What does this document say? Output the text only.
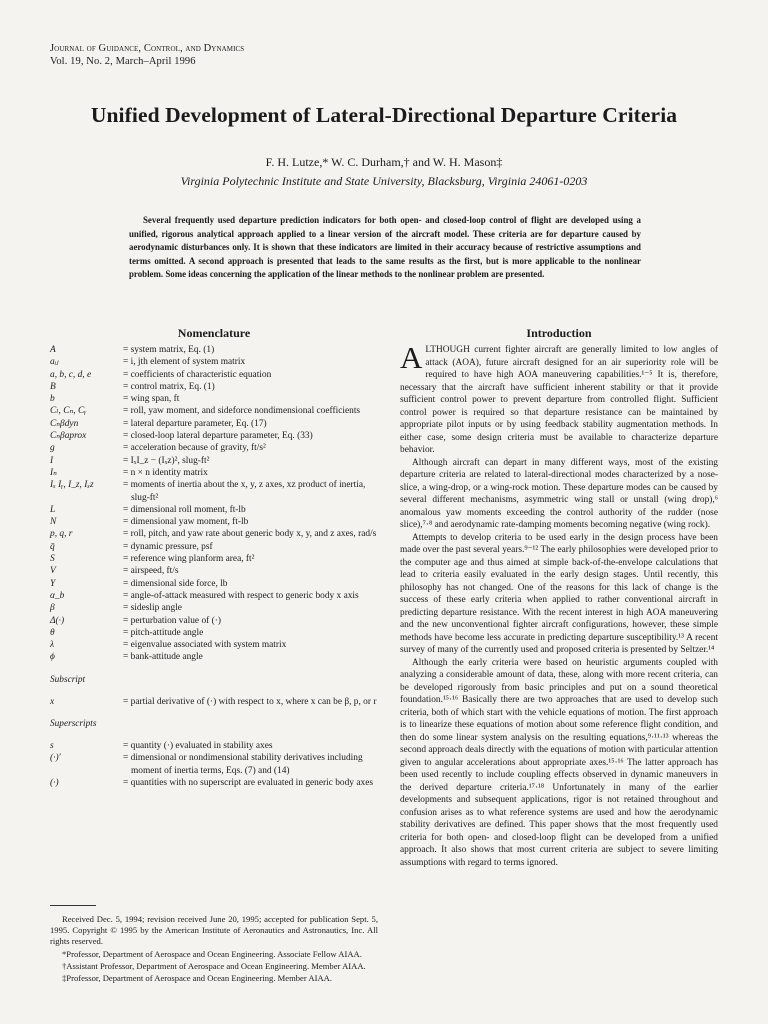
Journal of Guidance, Control, and Dynamics
Vol. 19, No. 2, March–April 1996
Unified Development of Lateral-Directional Departure Criteria
F. H. Lutze,* W. C. Durham,† and W. H. Mason‡
Virginia Polytechnic Institute and State University, Blacksburg, Virginia 24061-0203
Several frequently used departure prediction indicators for both open- and closed-loop control of flight are developed using a unified, rigorous analytical approach applied to a linear version of the aircraft model. These criteria are for departure caused by aerodynamic disturbances only. It is shown that these indicators are limited in their accuracy because of restrictive assumptions and terms omitted. A second approach is presented that leads to the same results as the first, but is more applicable to the nonlinear problem. Some ideas concerning the application of the linear methods to the nonlinear problem are presented.
Nomenclature	Introduction
A	= system matrix, Eq. (1)
aᵢⱼ	= i, jth element of system matrix
a, b, c, d, e	= coefficients of characteristic equation
B	= control matrix, Eq. (1)
b	= wing span, ft
Cₗ, Cₙ, Cᵧ	= roll, yaw moment, and sideforce nondimensional coefficients
Cₙβdyn	= lateral departure parameter, Eq. (17)
Cₙβaprox	= closed-loop lateral departure parameter, Eq. (33)
g	= acceleration because of gravity, ft/s²
I	= IₓI_z − (Iₓz)², slug-ft²
Iₙ	= n × n identity matrix
Iₓ Iᵧ, I_z, Iₓz	= moments of inertia about the x, y, z axes, xz product of inertia, slug-ft²
L	= dimensional roll moment, ft-lb
N	= dimensional yaw moment, ft-lb
p, q, r	= roll, pitch, and yaw rate about generic body x, y, and z axes, rad/s
q̄	= dynamic pressure, psf
S	= reference wing planform area, ft²
V	= airspeed, ft/s
Y	= dimensional side force, lb
α_b	= angle-of-attack measured with respect to generic body x axis
β	= sideslip angle
Δ(·)	= perturbation value of (·)
θ	= pitch-attitude angle
λ	= eigenvalue associated with system matrix
ϕ	= bank-attitude angle
Subscript
x	= partial derivative of (·) with respect to x, where x can be β, p, or r
Superscripts
s	= quantity (·) evaluated in stability axes
(·)′	= dimensional or nondimensional stability derivatives including moment of inertia terms, Eqs. (7) and (14)
(·)	= quantities with no superscript are evaluated in generic body axes

ALTHOUGH current fighter aircraft are generally limited to low angles of attack (AOA), future aircraft designed for an air superiority role will be required to have high AOA maneuvering capabilities.¹⁻⁵ It is, therefore, necessary that the aircraft have sufficient inherent stability or that it provide sufficient control power to prevent departure from controlled flight. Sufficient control power is required so that departure resistance can be maintained by appropriate pilot inputs or by using feedback stability augmentation methods. In either case, some design criteria must be available to characterize departure behavior.

Although aircraft can depart in many different ways, most of the existing departure criteria are related to lateral-directional modes characterized by a nose-slice, a wing-drop, or a wing-rock motion. These departure modes can be caused by several different mechanisms, asymmetric wing stall or unstall (wing drop),⁶ anomalous yaw moments exceeding the control authority of the rudder (nose slice),⁷·⁸ and aerodynamic rate-damping moments becoming negative (wing rock).

Attempts to develop criteria to be used early in the design process have been made over the past several years.⁹⁻¹² The early philosophies were developed prior to the computer age and thus aimed at simple back-of-the-envelope calculations that lead to criteria easily evaluated in the early design stages. Until recently, this philosophy has not changed. One of the reasons for this lack of change is the success of these early criteria when applied to rather conventional aircraft in predicting departure resistance. With the recent interest in high AOA maneuvering and the new unconventional fighter aircraft configurations, however, these simple methods have become less accurate in predicting departure susceptibility.¹³ A recent survey of many of the currently used and proposed criteria is presented by Seltzer.¹⁴

Although the early criteria were based on heuristic arguments coupled with analyzing a considerable amount of data, these, along with more recent criteria, can be developed rigorously from basic principles and put on a sound theoretical foundation.¹⁵·¹⁶ Basically there are two approaches that are used to develop such criteria, both of which start with the vehicle equations of motion. The first approach is to linearize these equations of motion about some reference flight condition, and then do some linear system analysis on the resulting equations,⁹·¹¹·¹³ whereas the second approach deals directly with the equations of motion with particular attention given to angular accelerations about appropriate axes.¹⁵·¹⁶ The latter approach has been used recently to include coupling effects observed in dynamic maneuvers in the derived departure criteria.¹⁷·¹⁸ Unfortunately in many of the earlier developments and subsequent applications, rigor is not retained throughout and confusion arises as to what reference systems are used and how the aerodynamic stability derivatives are defined. This paper shows that the most frequently used criteria for both open- and closed-loop flight can be developed from a unified approach. It also shows that most current criteria are subject to severe limiting assumptions with regard to terms ignored.

Received Dec. 5, 1994; revision received June 20, 1995; accepted for publication Sept. 5, 1995. Copyright © 1995 by the American Institute of Aeronautics and Astronautics, Inc. All rights reserved.

*Professor, Department of Aerospace and Ocean Engineering. Associate Fellow AIAA.

†Assistant Professor, Department of Aerospace and Ocean Engineering. Member AIAA.

‡Professor, Department of Aerospace and Ocean Engineering. Member AIAA.
